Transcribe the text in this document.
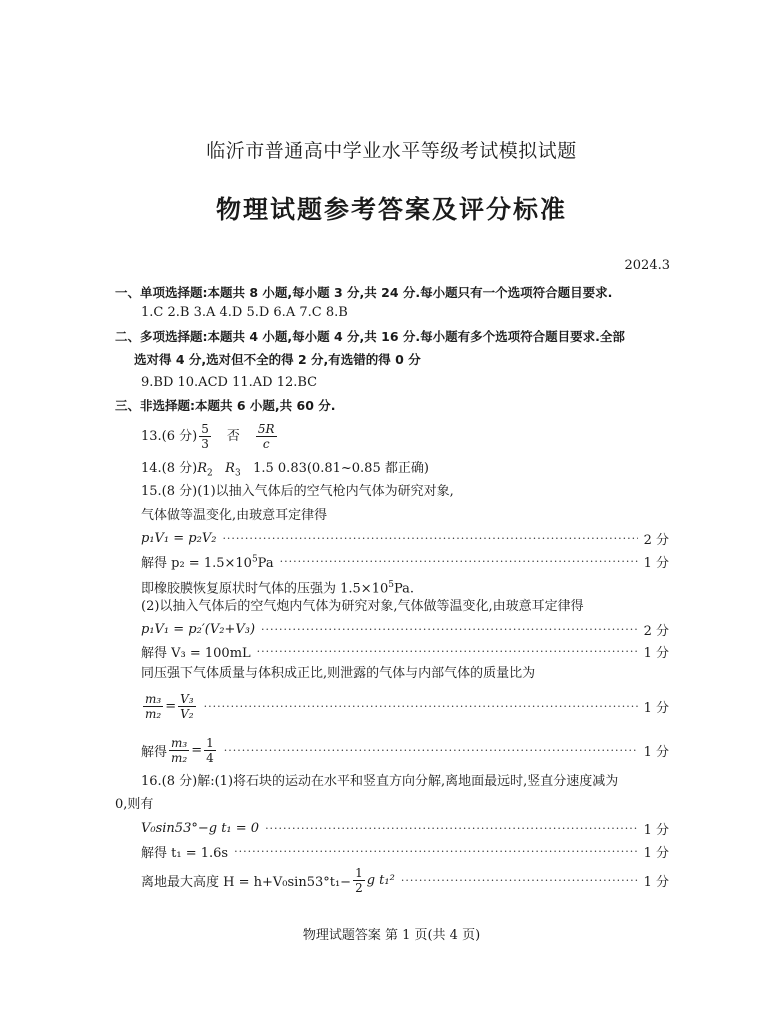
临沂市普通高中学业水平等级考试模拟试题
物理试题参考答案及评分标准
2024.3
一、单项选择题:本题共 8 小题,每小题 3 分,共 24 分.每小题只有一个选项符合题目要求.
1.C 2.B 3.A 4.D 5.D 6.A 7.C 8.B
二、多项选择题:本题共 4 小题,每小题 4 分,共 16 分.每小题有多个选项符合题目要求.全部
选对得 4 分,选对但不全的得 2 分,有选错的得 0 分
9.BD 10.ACD 11.AD 12.BC
三、非选择题:本题共 6 小题,共 60 分.
13.(6 分) $\frac{5}{3}$ 否 $\frac{5R}{c}$
14.(8 分)$R_2$ $R_3$ 1.5 0.83(0.81~0.85 都正确)
15.(8 分)(1)以抽入气体后的空气枪内气体为研究对象,
气体做等温变化,由玻意耳定律得
p₁V₁ = p₂V₂ ·····	2 分
解得 $p_2 = 1.5\times 10^5Pa$ ·····	1 分
即橡胶膜恢复原状时气体的压强为 $1.5\times 10^5Pa$.
(2)以抽入气体后的空气炮内气体为研究对象,气体做等温变化,由玻意耳定律得
p₁V₁ = p₂′(V₂+V₃) ·····	2 分
解得 V₃ = 100mL ·····	1 分
同压强下气体质量与体积成正比,则泄露的气体与内部气体的质量比为
$\frac{\text{m₃}}{\text{m₂}} = \frac{\text{V₃}}{\text{V₂}}$ ·····	1 分
解得 $\frac{\text{m₃}}{\text{m₂}} = \frac{1}{4}$ ·····	1 分
16.(8 分)解:(1)将石块的运动在水平和竖直方向分解,离地面最远时,竖直分速度减为
0,则有
V₀sin53°−g t₁ = 0 ·····	1 分
解得 t₁ = 1.6s ·····	1 分
离地最大高度 $H = h+V_0\sin 53^\circ t_1- \frac{1}{2}$ g t₁² ·····	1 分
物理试题答案 第 1 页(共 4 页)
